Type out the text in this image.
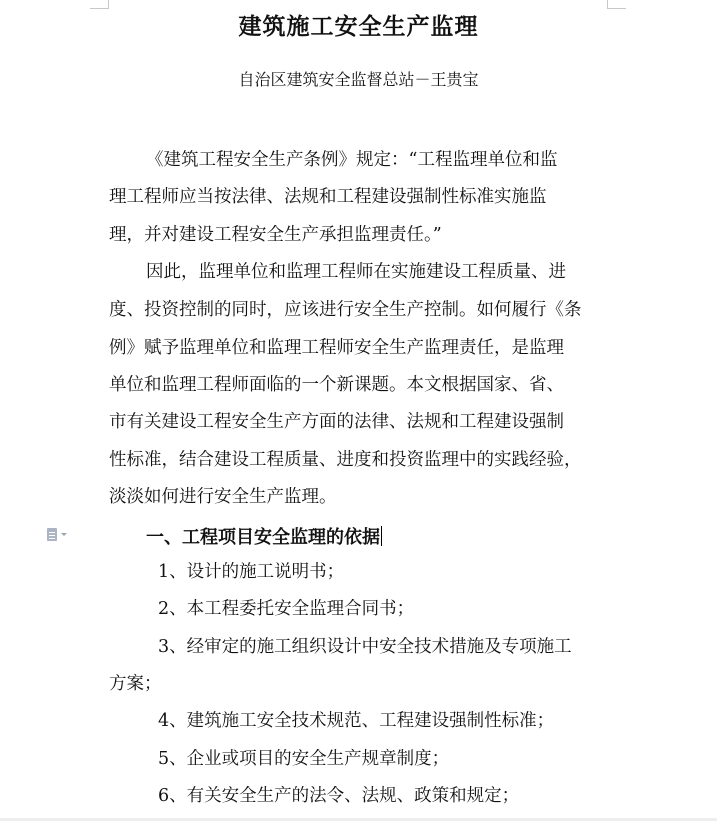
建筑施工安全生产监理
自治区建筑安全监督总站－王贵宝
《建筑工程安全生产条例》规定：“工程监理单位和监
理工程师应当按法律、法规和工程建设强制性标准实施监
理，并对建设工程安全生产承担监理责任。”
因此，监理单位和监理工程师在实施建设工程质量、进
度、投资控制的同时，应该进行安全生产控制。如何履行《条
例》赋予监理单位和监理工程师安全生产监理责任，是监理
单位和监理工程师面临的一个新课题。本文根据国家、省、
市有关建设工程安全生产方面的法律、法规和工程建设强制
性标准，结合建设工程质量、进度和投资监理中的实践经验，
淡淡如何进行安全生产监理。
一、工程项目安全监理的依据
1、设计的施工说明书；
2、本工程委托安全监理合同书；
3、经审定的施工组织设计中安全技术措施及专项施工
方案；
4、建筑施工安全技术规范、工程建设强制性标准；
5、企业或项目的安全生产规章制度；
6、有关安全生产的法令、法规、政策和规定；
